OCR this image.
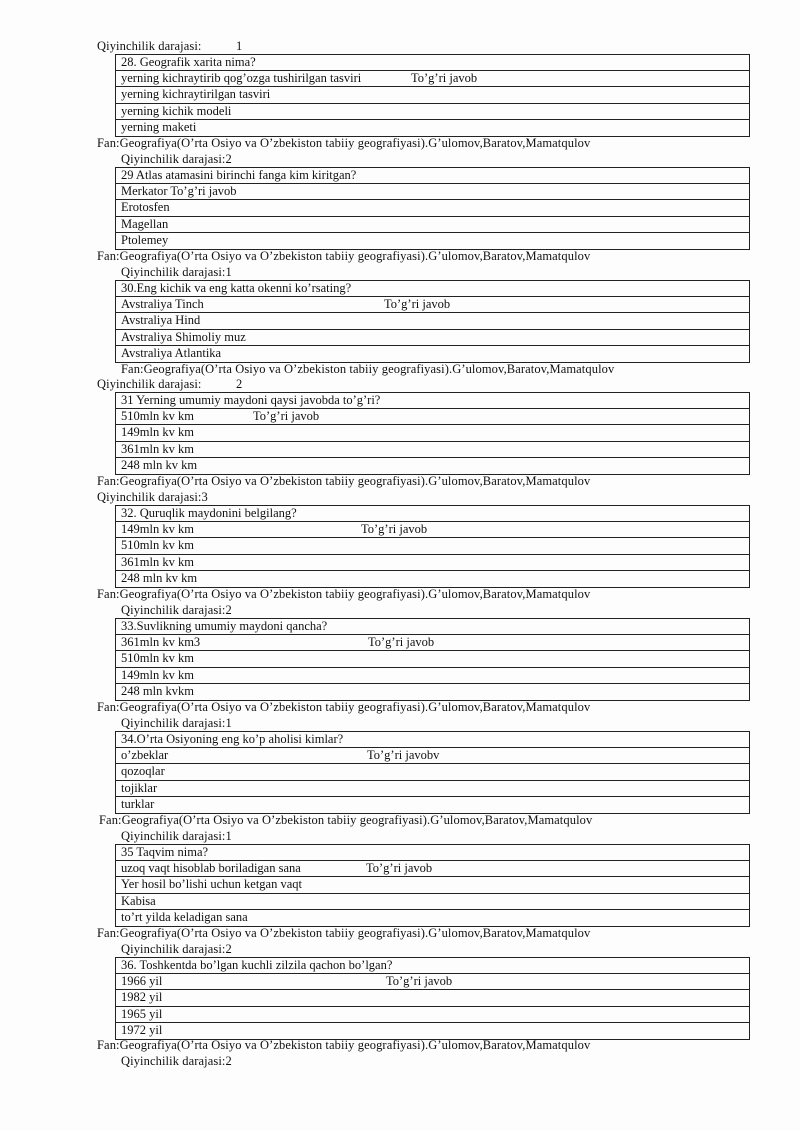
Qiyinchilik darajasi:	1
28. Geografik xarita nima?
yerning kichraytirib qog’ozga tushirilgan tasviri	To’g’ri javob
yerning kichraytirilgan tasviri
yerning kichik modeli
yerning maketi
Fan:Geografiya(O’rta Osiyo va O’zbekiston tabiiy geografiyasi).G’ulomov,Baratov,Mamatqulov
Qiyinchilik darajasi:2
29 Atlas atamasini birinchi fanga kim kiritgan?
Merkator To’g’ri javob
Erotosfen
Magellan
Ptolemey
Fan:Geografiya(O’rta Osiyo va O’zbekiston tabiiy geografiyasi).G’ulomov,Baratov,Mamatqulov
Qiyinchilik darajasi:1
30.Eng kichik va eng katta okenni ko’rsating?
Avstraliya Tinch	To’g’ri javob
Avstraliya Hind
Avstraliya Shimoliy muz
Avstraliya Atlantika
Fan:Geografiya(O’rta Osiyo va O’zbekiston tabiiy geografiyasi).G’ulomov,Baratov,Mamatqulov
Qiyinchilik darajasi:	2
31 Yerning umumiy maydoni qaysi javobda to’g’ri?
510mln kv km	To’g’ri javob
149mln kv km
361mln kv km
248 mln kv km
Fan:Geografiya(O’rta Osiyo va O’zbekiston tabiiy geografiyasi).G’ulomov,Baratov,Mamatqulov
Qiyinchilik darajasi:3
32. Quruqlik maydonini belgilang?
149mln kv km	To’g’ri javob
510mln kv km
361mln kv km
248 mln kv km
Fan:Geografiya(O’rta Osiyo va O’zbekiston tabiiy geografiyasi).G’ulomov,Baratov,Mamatqulov
Qiyinchilik darajasi:2
33.Suvlikning umumiy maydoni qancha?
361mln kv km3	To’g’ri javob
510mln kv km
149mln kv km
248 mln kvkm
Fan:Geografiya(O’rta Osiyo va O’zbekiston tabiiy geografiyasi).G’ulomov,Baratov,Mamatqulov
Qiyinchilik darajasi:1
34.O’rta Osiyoning eng ko’p aholisi kimlar?
o’zbeklar	To’g’ri javobv
qozoqlar
tojiklar
turklar
Fan:Geografiya(O’rta Osiyo va O’zbekiston tabiiy geografiyasi).G’ulomov,Baratov,Mamatqulov
Qiyinchilik darajasi:1
35 Taqvim nima?
uzoq vaqt hisoblab boriladigan sana	To’g’ri javob
Yer hosil bo’lishi uchun ketgan vaqt
Kabisa
to’rt yilda keladigan sana
Fan:Geografiya(O’rta Osiyo va O’zbekiston tabiiy geografiyasi).G’ulomov,Baratov,Mamatqulov
Qiyinchilik darajasi:2
36. Toshkentda bo’lgan kuchli zilzila qachon bo’lgan?
1966 yil	To’g’ri javob
1982 yil
1965 yil
1972 yil
Fan:Geografiya(O’rta Osiyo va O’zbekiston tabiiy geografiyasi).G’ulomov,Baratov,Mamatqulov
Qiyinchilik darajasi:2
